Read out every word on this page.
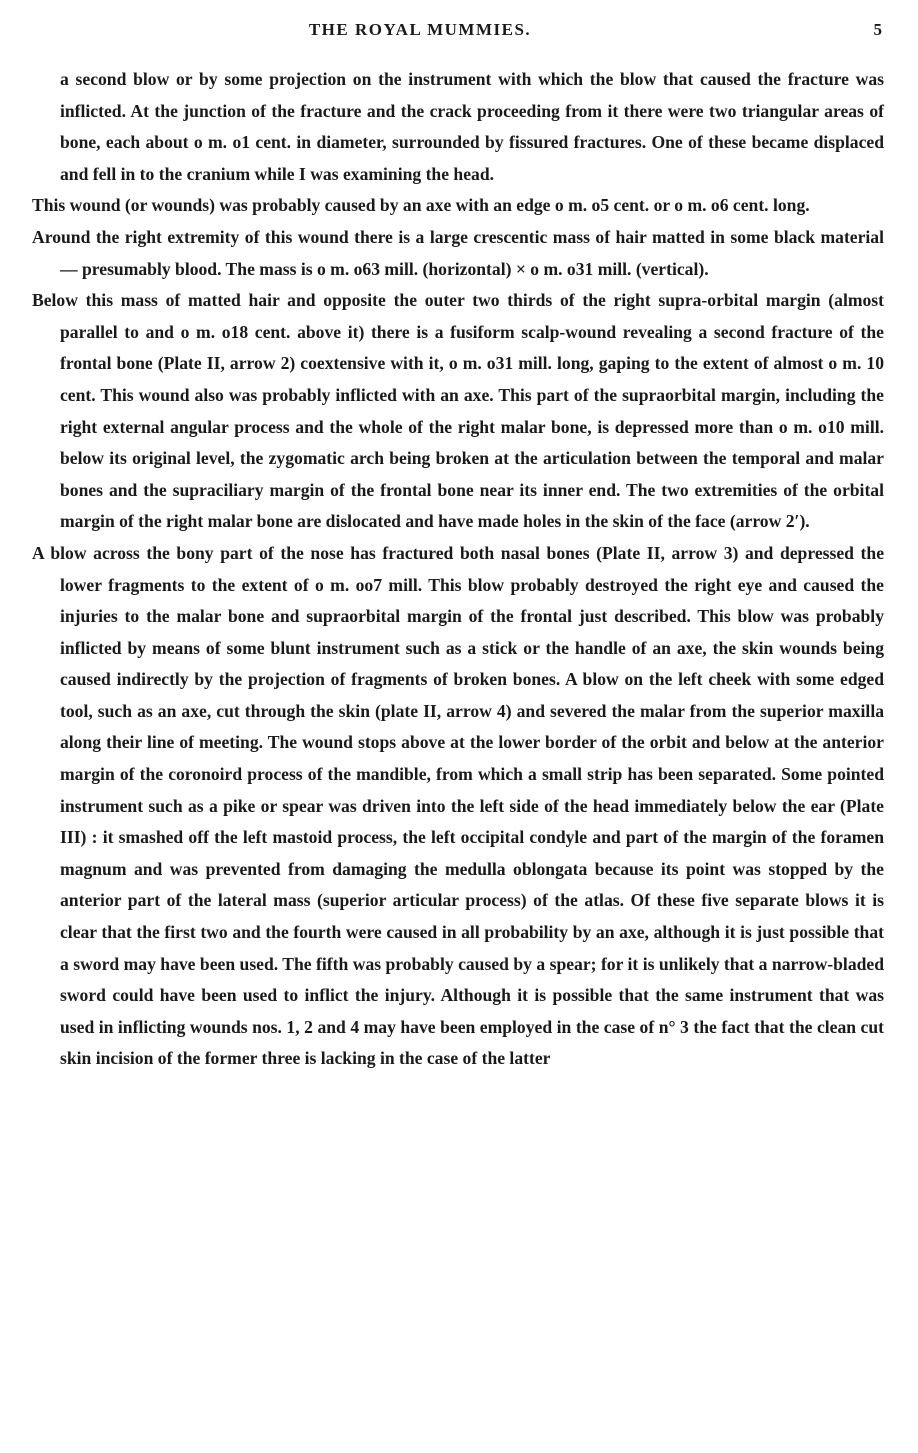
THE ROYAL MUMMIES.	5

a second blow or by some projection on the instrument with which the blow that caused the fracture was inflicted. At the junction of the fracture and the crack proceeding from it there were two triangular areas of bone, each about o m. o1 cent. in diameter, surrounded by fissured fractures. One of these became displaced and fell in to the cranium while I was examining the head.

This wound (or wounds) was probably caused by an axe with an edge o m. o5 cent. or o m. o6 cent. long.

Around the right extremity of this wound there is a large crescentic mass of hair matted in some black material — presumably blood. The mass is o m. o63 mill. (horizontal) × o m. o31 mill. (vertical).

Below this mass of matted hair and opposite the outer two thirds of the right supra-orbital margin (almost parallel to and o m. o18 cent. above it) there is a fusiform scalp-wound revealing a second fracture of the frontal bone (Plate II, arrow 2) coextensive with it, o m. o31 mill. long, gaping to the extent of almost o m. 10 cent. This wound also was probably inflicted with an axe. This part of the supraorbital margin, including the right external angular process and the whole of the right malar bone, is depressed more than o m. o10 mill. below its original level, the zygomatic arch being broken at the articulation between the temporal and malar bones and the supraciliary margin of the frontal bone near its inner end. The two extremities of the orbital margin of the right malar bone are dislocated and have made holes in the skin of the face (arrow 2′).

A blow across the bony part of the nose has fractured both nasal bones (Plate II, arrow 3) and depressed the lower fragments to the extent of o m. oo7 mill. This blow probably destroyed the right eye and caused the injuries to the malar bone and supraorbital margin of the frontal just described. This blow was probably inflicted by means of some blunt instrument such as a stick or the handle of an axe, the skin wounds being caused indirectly by the projection of fragments of broken bones. A blow on the left cheek with some edged tool, such as an axe, cut through the skin (plate II, arrow 4) and severed the malar from the superior maxilla along their line of meeting. The wound stops above at the lower border of the orbit and below at the anterior margin of the coronoird process of the mandible, from which a small strip has been separated. Some pointed instrument such as a pike or spear was driven into the left side of the head immediately below the ear (Plate III) : it smashed off the left mastoid process, the left occipital condyle and part of the margin of the foramen magnum and was prevented from damaging the medulla oblongata because its point was stopped by the anterior part of the lateral mass (superior articular process) of the atlas. Of these five separate blows it is clear that the first two and the fourth were caused in all probability by an axe, although it is just possible that a sword may have been used. The fifth was probably caused by a spear; for it is unlikely that a narrow-bladed sword could have been used to inflict the injury. Although it is possible that the same instrument that was used in inflicting wounds nos. 1, 2 and 4 may have been employed in the case of n° 3 the fact that the clean cut skin incision of the former three is lacking in the case of the latter
